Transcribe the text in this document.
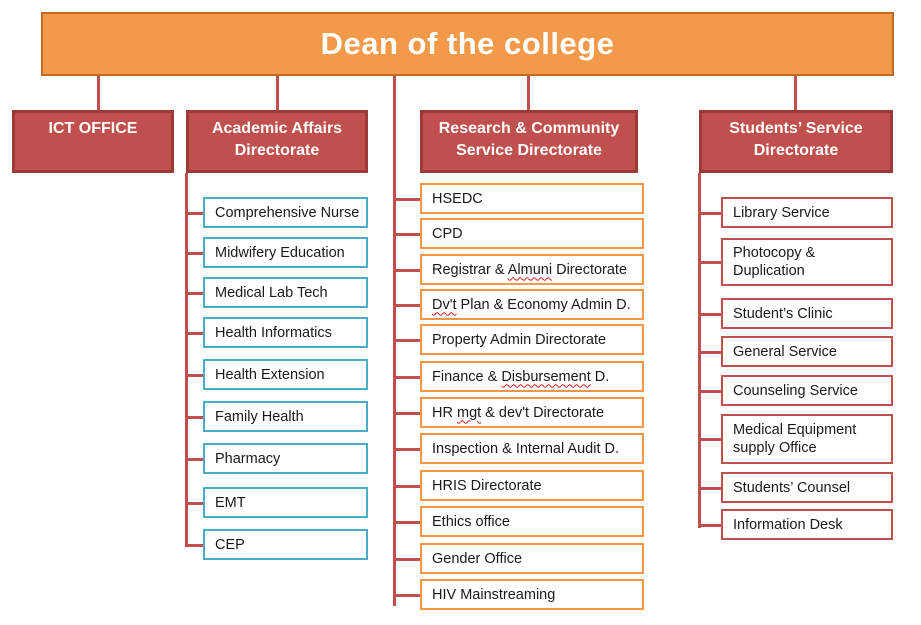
Dean of the college
ICT OFFICE	Academic Affairs
Directorate
Comprehensive Nurse
Midwifery Education
Medical Lab Tech
Health Informatics
Health Extension
Family Health
Pharmacy
EMT
CEP
Research & Community
Service Directorate
HSEDC
CPD
Registrar & Almuni Directorate
Dv't Plan & Economy Admin D.
Property Admin Directorate
Finance & Disbursement D.
HR mgt & dev't Directorate
Inspection & Internal Audit D.
HRIS Directorate
Ethics office
Gender Office
HIV Mainstreaming
Students’ Service
Directorate
Library Service
Photocopy &
Duplication
Student’s Clinic
General Service
Counseling Service
Medical Equipment
supply Office
Students’ Counsel
Information Desk
